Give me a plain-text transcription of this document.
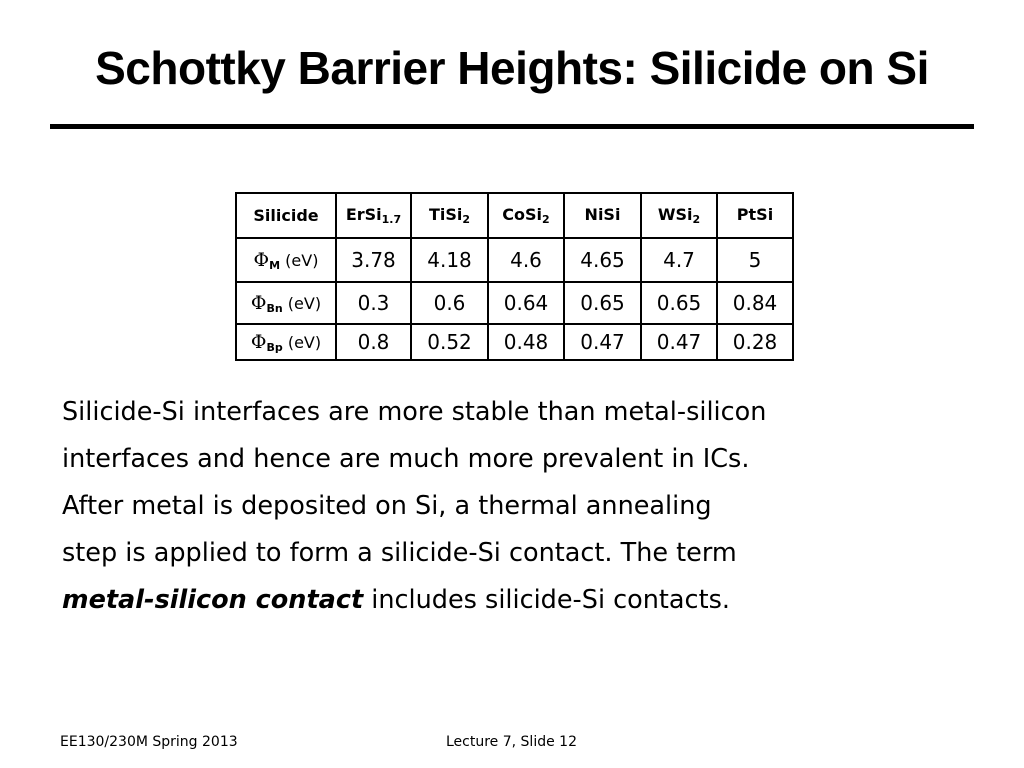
Schottky Barrier Heights: Silicide on Si
Silicide	ErSi1.7	TiSi2	CoSi2	NiSi	WSi2	PtSi
ΦM (eV)	3.78	4.18	4.6	4.65	4.7	5
ΦBn (eV)	0.3	0.6	0.64	0.65	0.65	0.84
ΦBp (eV)	0.8	0.52	0.48	0.47	0.47	0.28
Silicide-Si interfaces are more stable than metal-silicon
interfaces and hence are much more prevalent in ICs.
After metal is deposited on Si, a thermal annealing
step is applied to form a silicide-Si contact. The term
metal-silicon contact includes silicide-Si contacts.
EE130/230M Spring 2013	Lecture 7, Slide 12
